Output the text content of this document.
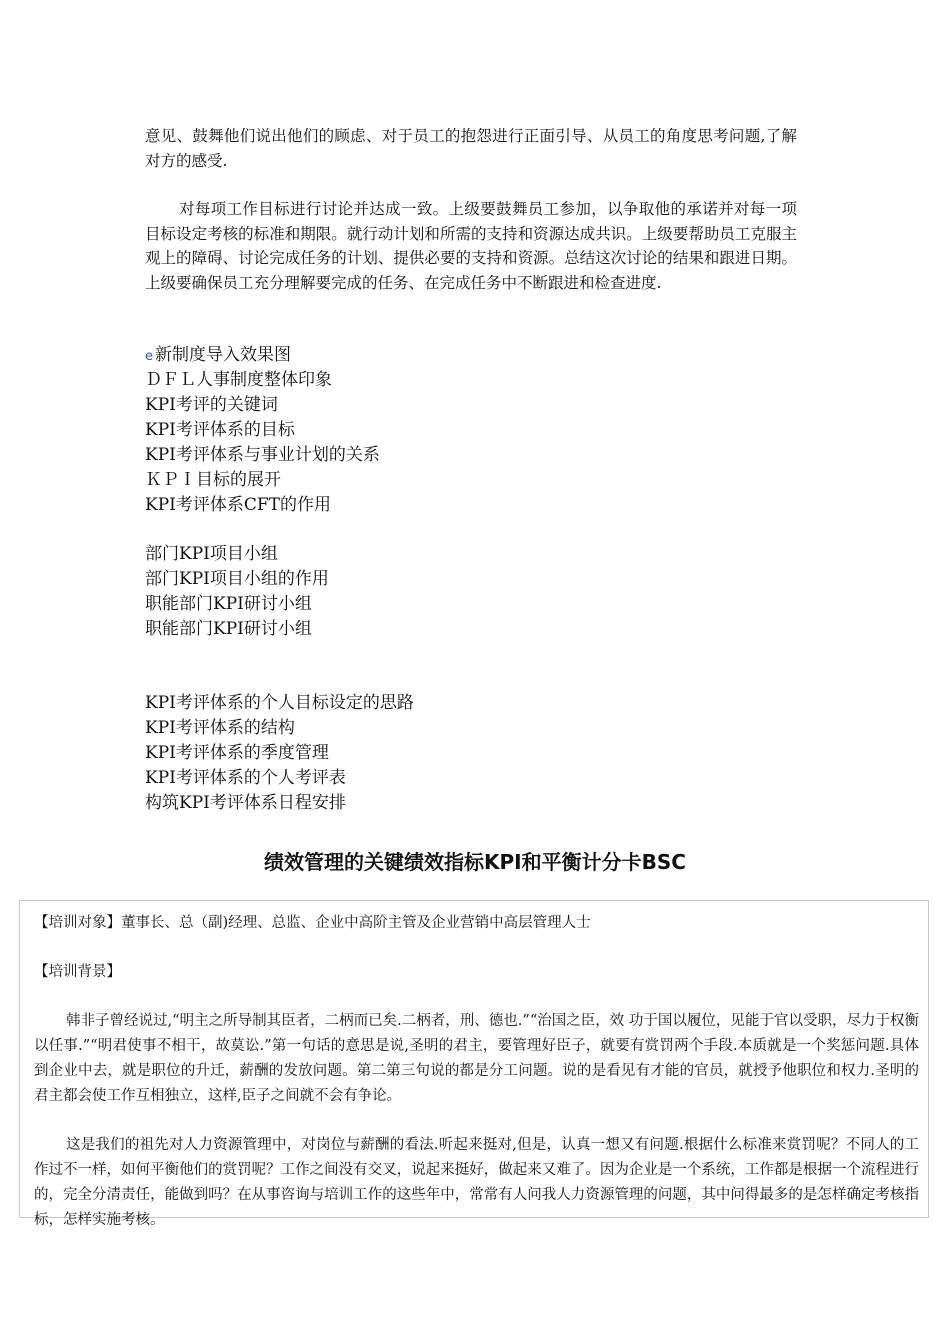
意见、鼓舞他们说出他们的顾虑、对于员工的抱怨进行正面引导、从员工的角度思考问题,了解对方的感受.

对每项工作目标进行讨论并达成一致。上级要鼓舞员工参加，以争取他的承诺并对每一项目标设定考核的标准和期限。就行动计划和所需的支持和资源达成共识。上级要帮助员工克服主观上的障碍、讨论完成任务的计划、提供必要的支持和资源。总结这次讨论的结果和跟进日期。上级要确保员工充分理解要完成的任务、在完成任务中不断跟进和检查进度.

e 新制度导入效果图
ＤＦＬ人事制度整体印象
KPI考评的关键词
KPI考评体系的目标
KPI考评体系与事业计划的关系
ＫＰＩ目标的展开
KPI考评体系CFT的作用
部门KPI项目小组
部门KPI项目小组的作用
职能部门KPI研讨小组
职能部门KPI研讨小组
KPI考评体系的个人目标设定的思路
KPI考评体系的结构
KPI考评体系的季度管理
KPI考评体系的个人考评表
构筑KPI考评体系日程安排
绩效管理的关键绩效指标KPI和平衡计分卡BSC

【培训对象】董事长、总（副)经理、总监、企业中高阶主管及企业营销中高层管理人士

【培训背景】

韩非子曾经说过,“明主之所导制其臣者，二柄而已矣.二柄者，刑、德也.”“治国之臣，效 功于国以履位，见能于官以受职，尽力于权衡以任事.”“明君使事不相干，故莫讼.”第一句话的意思是说,圣明的君主，要管理好臣子，就要有赏罚两个手段.本质就是一个奖惩问题.具体到企业中去，就是职位的升迁，薪酬的发放问题。第二第三句说的都是分工问题。说的是看见有才能的官员，就授予他职位和权力.圣明的君主都会使工作互相独立，这样,臣子之间就不会有争论。

这是我们的祖先对人力资源管理中，对岗位与薪酬的看法.听起来挺对,但是，认真一想又有问题.根据什么标准来赏罚呢？不同人的工作过不一样，如何平衡他们的赏罚呢？工作之间没有交叉，说起来挺好，做起来又难了。因为企业是一个系统，工作都是根据一个流程进行的，完全分清责任，能做到吗？在从事咨询与培训工作的这些年中，常常有人问我人力资源管理的问题，其中问得最多的是怎样确定考核指标，怎样实施考核。
